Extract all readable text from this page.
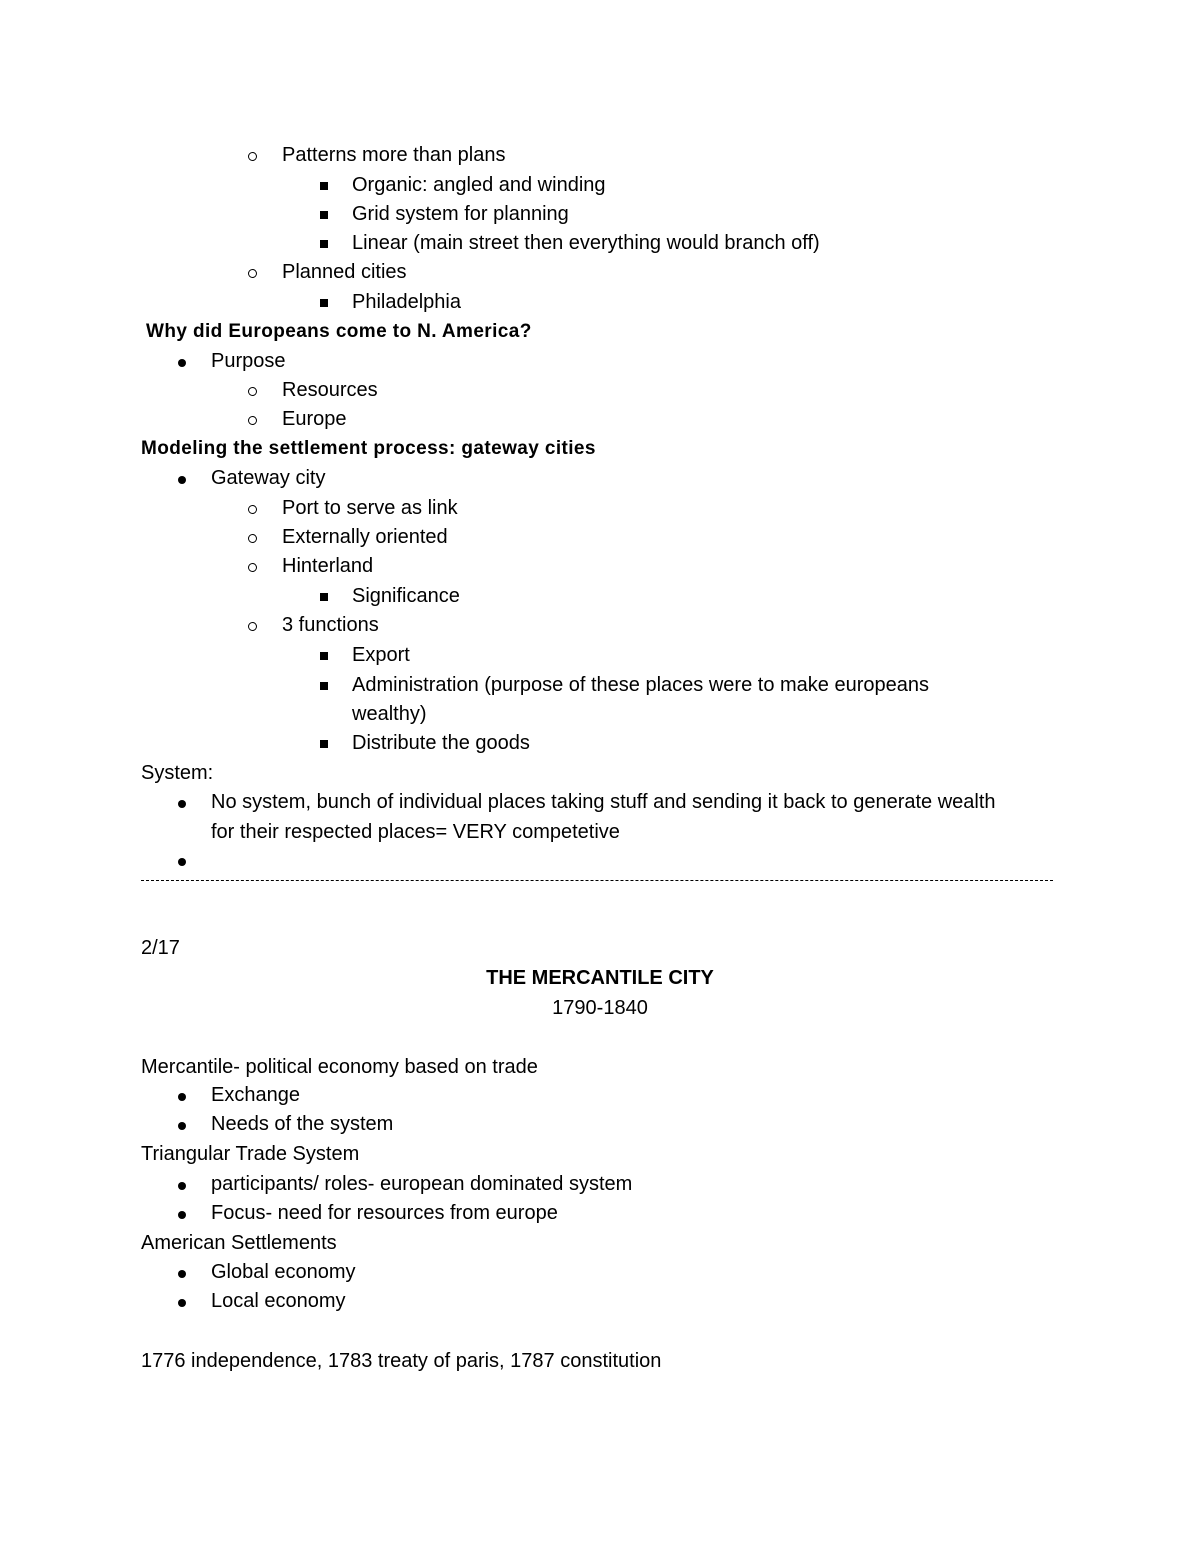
Patterns more than plans
Organic: angled and winding
Grid system for planning
Linear (main street then everything would branch off)
Planned cities
Philadelphia
Why did Europeans come to N. America?
Purpose
Resources
Europe
Modeling the settlement process: gateway cities
Gateway city
Port to serve as link
Externally oriented
Hinterland
Significance
3 functions
Export
Administration (purpose of these places were to make europeans
wealthy)
Distribute the goods
System:
No system, bunch of individual places taking stuff and sending it back to generate wealth
for their respected places= VERY competetive
2/17
THE MERCANTILE CITY
1790-1840
Mercantile- political economy based on trade
Exchange
Needs of the system
Triangular Trade System
participants/ roles- european dominated system
Focus- need for resources from europe
American Settlements
Global economy
Local economy
1776 independence, 1783 treaty of paris, 1787 constitution
